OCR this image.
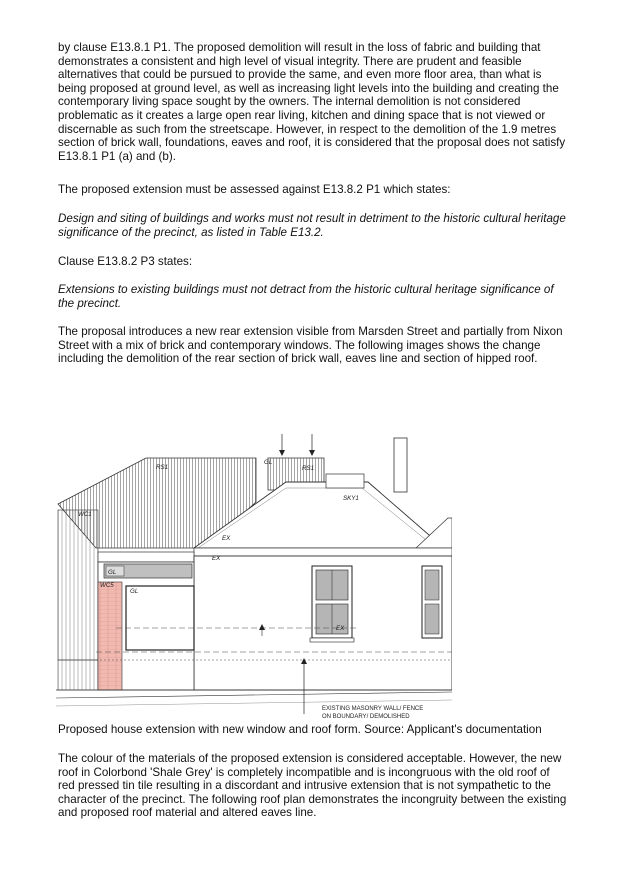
by clause E13.8.1 P1. The proposed demolition will result in the loss of fabric and building that demonstrates a consistent and high level of visual integrity. There are prudent and feasible alternatives that could be pursued to provide the same, and even more floor area, than what is being proposed at ground level, as well as increasing light levels into the building and creating the contemporary living space sought by the owners. The internal demolition is not considered problematic as it creates a large open rear living, kitchen and dining space that is not viewed or discernable as such from the streetscape. However, in respect to the demolition of the 1.9 metres section of brick wall, foundations, eaves and roof, it is considered that the proposal does not satisfy E13.8.1 P1 (a) and (b).

The proposed extension must be assessed against E13.8.2 P1 which states:

Design and siting of buildings and works must not result in detriment to the historic cultural heritage significance of the precinct, as listed in Table E13.2.

Clause E13.8.2 P3 states:

Extensions to existing buildings must not detract from the historic cultural heritage significance of the precinct.

The proposal introduces a new rear extension visible from Marsden Street and partially from Nixon Street with a mix of brick and contemporary windows. The following images shows the change including the demolition of the rear section of brick wall, eaves line and section of hipped roof.

RS1
GL
RS1
SKY1
WC1
EX
EX
GL
WC5
GL
EX
EXISTING MASONRY WALL/ FENCE
ON BOUNDARY/ DEMOLISHED

Proposed house extension with new window and roof form. Source: Applicant's documentation

The colour of the materials of the proposed extension is considered acceptable. However, the new roof in Colorbond 'Shale Grey' is completely incompatible and is incongruous with the old roof of red pressed tin tile resulting in a discordant and intrusive extension that is not sympathetic to the character of the precinct. The following roof plan demonstrates the incongruity between the existing and proposed roof material and altered eaves line.
